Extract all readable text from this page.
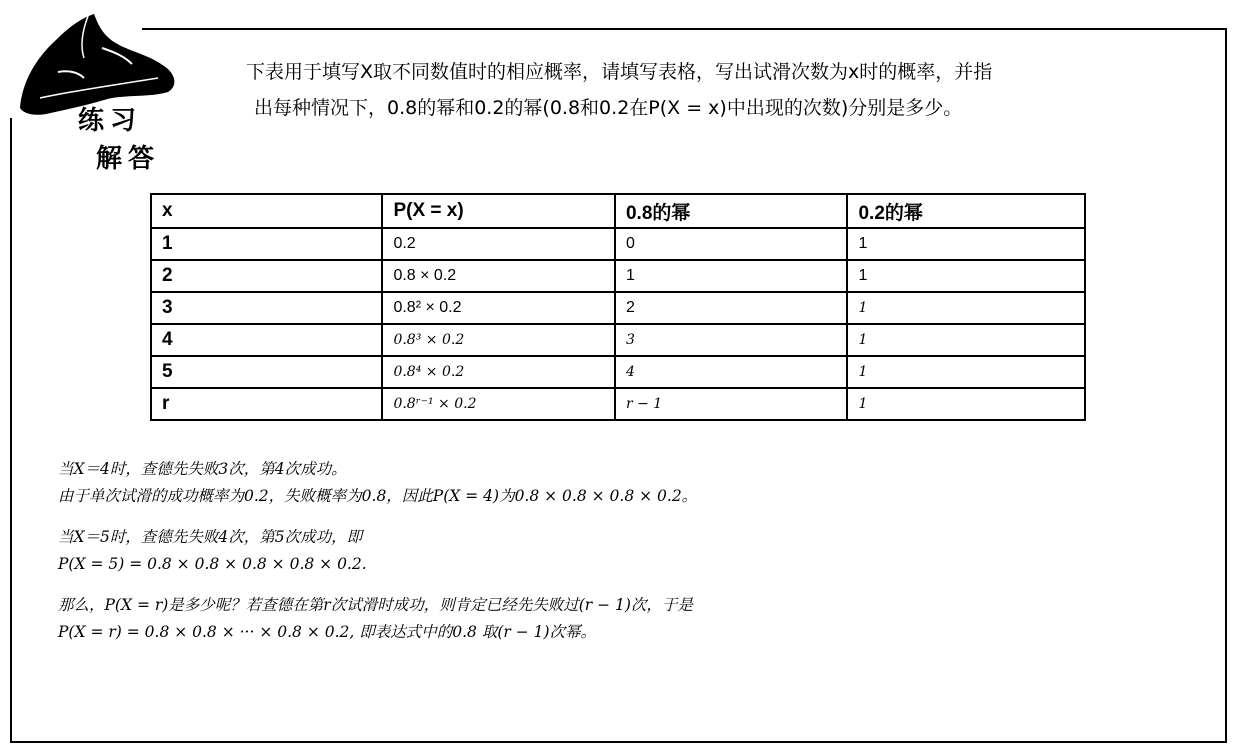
练习
解答

下表用于填写X取不同数值时的相应概率，请填写表格，写出试滑次数为x时的概率，并指

出每种情况下，0.8的幂和0.2的幂(0.8和0.2在P(X = x)中出现的次数)分别是多少。

x	P(X = x)	0.8的幂	0.2的幂
1	0.2	0	1
2	0.8 × 0.2	1	1
3	0.8² × 0.2	2	1
4	0.8³ × 0.2	3	1
5	0.8⁴ × 0.2	4	1
r	0.8ʳ⁻¹ × 0.2	r − 1	1

当X＝4时，查德先失败3次，第4次成功。

由于单次试滑的成功概率为0.2，失败概率为0.8，因此P(X = 4)为0.8 × 0.8 × 0.8 × 0.2。

当X＝5时，查德先失败4次，第5次成功，即

P(X = 5) = 0.8 × 0.8 × 0.8 × 0.8 × 0.2.

那么，P(X = r)是多少呢？若查德在第r次试滑时成功，则肯定已经先失败过(r − 1)次，于是

P(X = r) = 0.8 × 0.8 × ··· × 0.8 × 0.2, 即表达式中的0.8 取(r − 1)次幂。
